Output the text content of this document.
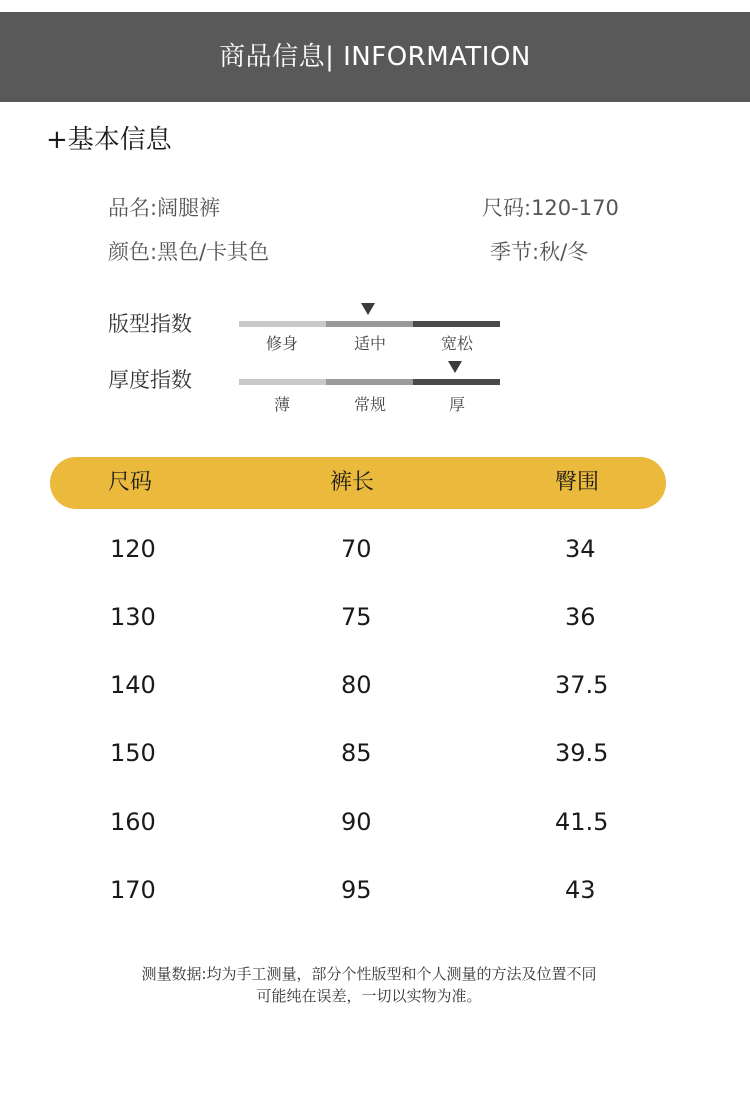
商品信息| INFORMATION
+基本信息
品名:阔腿裤	尺码:120-170
颜色:黑色/卡其色	季节:秋/冬
版型指数
修身	适中	宽松
厚度指数
薄	常规	厚
尺码	裤长	臀围
120	70	34
130	75	36
140	80	37.5
150	85	39.5
160	90	41.5
170	95	43
测量数据:均为手工测量，部分个性版型和个人测量的方法及位置不同
可能纯在误差，一切以实物为准。
